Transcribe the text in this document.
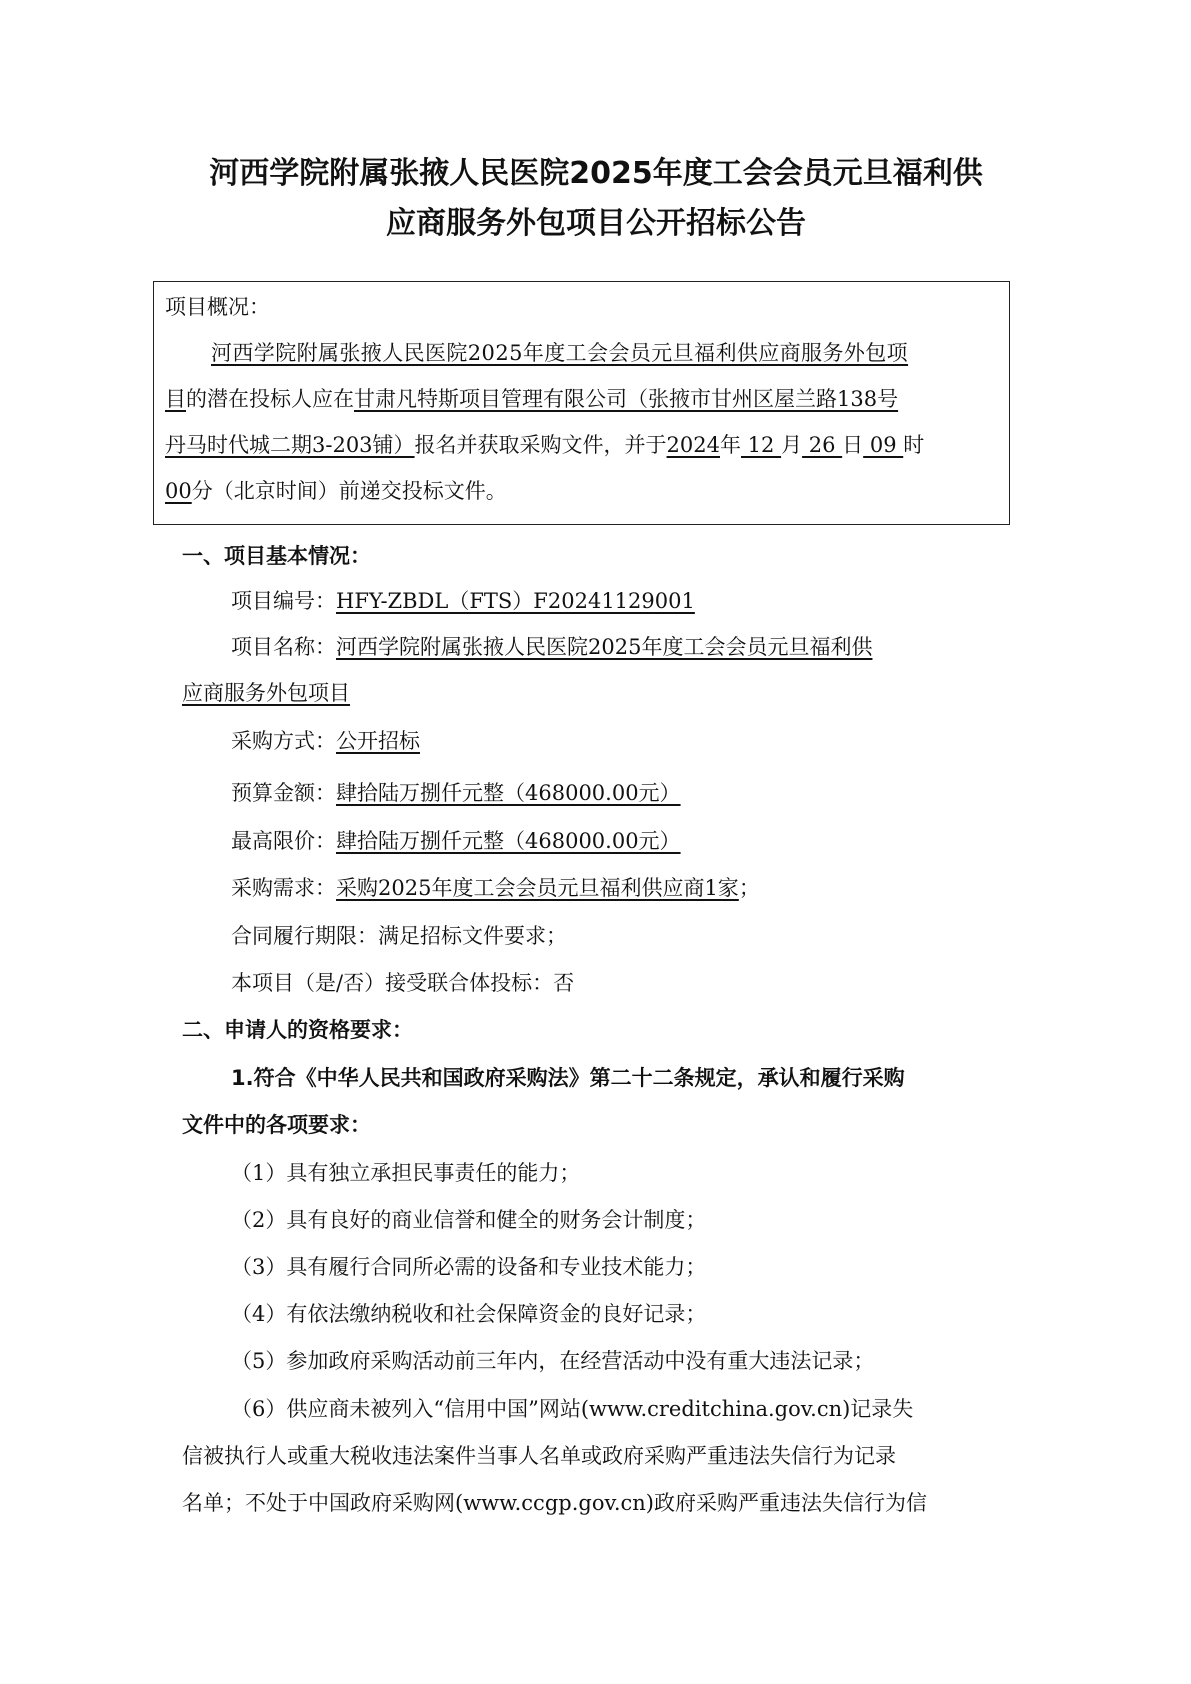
河西学院附属张掖人民医院2025年度工会会员元旦福利供
应商服务外包项目公开招标公告
项目概况：
河西学院附属张掖人民医院2025年度工会会员元旦福利供应商服务外包项
目的潜在投标人应在甘肃凡特斯项目管理有限公司（张掖市甘州区屋兰路138号
丹马时代城二期3-203铺）报名并获取采购文件，并于2024年 12 月 26 日 09 时
00分（北京时间）前递交投标文件。
一、项目基本情况：
项目编号：HFY-ZBDL（FTS）F20241129001
项目名称：河西学院附属张掖人民医院2025年度工会会员元旦福利供
应商服务外包项目
采购方式：公开招标
预算金额：肆拾陆万捌仟元整（468000.00元）
最高限价：肆拾陆万捌仟元整（468000.00元）
采购需求：采购2025年度工会会员元旦福利供应商1家；
合同履行期限：满足招标文件要求；
本项目（是/否）接受联合体投标：否
二、申请人的资格要求：
1.符合《中华人民共和国政府采购法》第二十二条规定，承认和履行采购
文件中的各项要求：
（1）具有独立承担民事责任的能力；
（2）具有良好的商业信誉和健全的财务会计制度；
（3）具有履行合同所必需的设备和专业技术能力；
（4）有依法缴纳税收和社会保障资金的良好记录；
（5）参加政府采购活动前三年内，在经营活动中没有重大违法记录；
（6）供应商未被列入“信用中国”网站(www.creditchina.gov.cn)记录失
信被执行人或重大税收违法案件当事人名单或政府采购严重违法失信行为记录
名单；不处于中国政府采购网(www.ccgp.gov.cn)政府采购严重违法失信行为信
